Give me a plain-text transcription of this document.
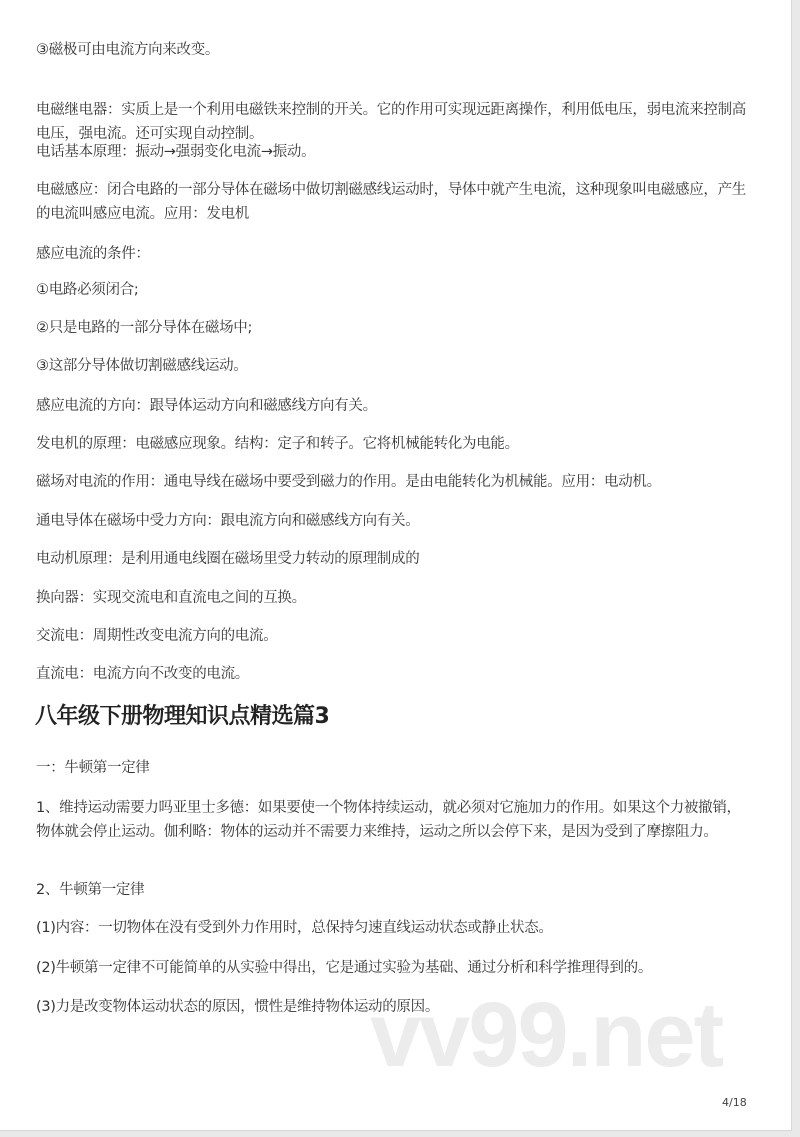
③磁极可由电流方向来改变。

电磁继电器：实质上是一个利用电磁铁来控制的开关。它的作用可实现远距离操作，利用低电压，弱电流来控制高电压，强电流。还可实现自动控制。

电话基本原理：振动→强弱变化电流→振动。

电磁感应：闭合电路的一部分导体在磁场中做切割磁感线运动时，导体中就产生电流，这种现象叫电磁感应，产生的电流叫感应电流。应用：发电机

感应电流的条件：

①电路必须闭合;

②只是电路的一部分导体在磁场中;

③这部分导体做切割磁感线运动。

感应电流的方向：跟导体运动方向和磁感线方向有关。

发电机的原理：电磁感应现象。结构：定子和转子。它将机械能转化为电能。

磁场对电流的作用：通电导线在磁场中要受到磁力的作用。是由电能转化为机械能。应用：电动机。

通电导体在磁场中受力方向：跟电流方向和磁感线方向有关。

电动机原理：是利用通电线圈在磁场里受力转动的原理制成的

换向器：实现交流电和直流电之间的互换。

交流电：周期性改变电流方向的电流。

直流电：电流方向不改变的电流。

八年级下册物理知识点精选篇3
vv99.net

一：牛顿第一定律

1、维持运动需要力吗亚里士多德：如果要使一个物体持续运动，就必须对它施加力的作用。如果这个力被撤销，物体就会停止运动。伽利略：物体的运动并不需要力来维持，运动之所以会停下来，是因为受到了摩擦阻力。

2、牛顿第一定律

(1)内容：一切物体在没有受到外力作用时，总保持匀速直线运动状态或静止状态。

(2)牛顿第一定律不可能简单的从实验中得出，它是通过实验为基础、通过分析和科学推理得到的。

(3)力是改变物体运动状态的原因，惯性是维持物体运动的原因。

4/18
